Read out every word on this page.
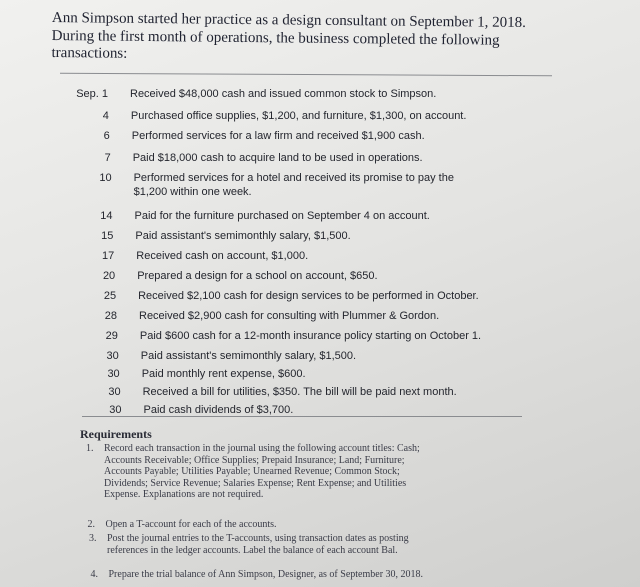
Ann Simpson started her practice as a design consultant on September 1, 2018.
During the first month of operations, the business completed the following
transactions:
Sep. 1 Received $48,000 cash and issued common stock to Simpson.
4 Purchased office supplies, $1,200, and furniture, $1,300, on account.
6 Performed services for a law firm and received $1,900 cash.
7 Paid $18,000 cash to acquire land to be used in operations.
10 Performed services for a hotel and received its promise to pay the
$1,200 within one week.
14 Paid for the furniture purchased on September 4 on account.
15 Paid assistant's semimonthly salary, $1,500.
17 Received cash on account, $1,000.
20 Prepared a design for a school on account, $650.
25 Received $2,100 cash for design services to be performed in October.
28 Received $2,900 cash for consulting with Plummer & Gordon.
29 Paid $600 cash for a 12-month insurance policy starting on October 1.
30 Paid assistant's semimonthly salary, $1,500.
30 Paid monthly rent expense, $600.
30 Received a bill for utilities, $350. The bill will be paid next month.
30 Paid cash dividends of $3,700.
Requirements
1. Record each transaction in the journal using the following account titles: Cash;
Accounts Receivable; Office Supplies; Prepaid Insurance; Land; Furniture;
Accounts Payable; Utilities Payable; Unearned Revenue; Common Stock;
Dividends; Service Revenue; Salaries Expense; Rent Expense; and Utilities
Expense. Explanations are not required.
2. Open a T-account for each of the accounts.
3. Post the journal entries to the T-accounts, using transaction dates as posting
references in the ledger accounts. Label the balance of each account Bal.
4. Prepare the trial balance of Ann Simpson, Designer, as of September 30, 2018.
